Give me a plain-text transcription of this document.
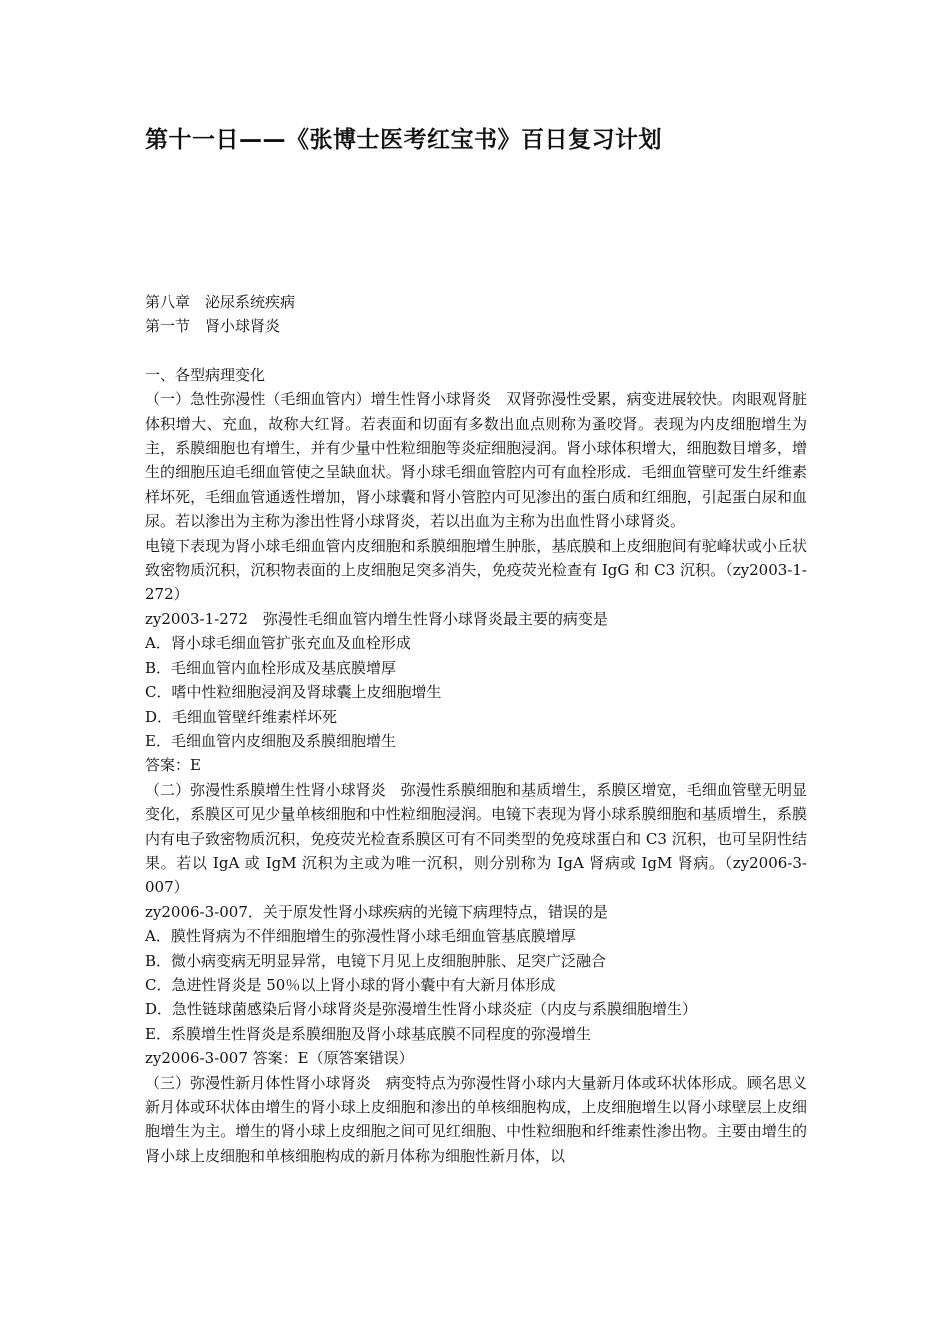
第十一日——《张博士医考红宝书》百日复习计划

第八章　泌尿系统疾病

第一节　肾小球肾炎

一、各型病理变化

（一）急性弥漫性（毛细血管内）增生性肾小球肾炎　双肾弥漫性受累，病变进展较快。肉眼观肾脏体积增大、充血，故称大红肾。若表面和切面有多数出血点则称为蚤咬肾。表现为内皮细胞增生为主，系膜细胞也有增生，并有少量中性粒细胞等炎症细胞浸润。肾小球体积增大，细胞数目增多，增生的细胞压迫毛细血管使之呈缺血状。肾小球毛细血管腔内可有血栓形成．毛细血管壁可发生纤维素样坏死，毛细血管通透性增加，肾小球囊和肾小管腔内可见渗出的蛋白质和红细胞，引起蛋白尿和血尿。若以渗出为主称为渗出性肾小球肾炎，若以出血为主称为出血性肾小球肾炎。

电镜下表现为肾小球毛细血管内皮细胞和系膜细胞增生肿胀，基底膜和上皮细胞间有驼峰状或小丘状致密物质沉积，沉积物表面的上皮细胞足突多消失，免疫荧光检查有 IgG 和 C3 沉积。（zy2003-1-272）

zy2003-1-272　弥漫性毛细血管内增生性肾小球肾炎最主要的病变是

A．肾小球毛细血管扩张充血及血栓形成

B．毛细血管内血栓形成及基底膜增厚

C．嗜中性粒细胞浸润及肾球囊上皮细胞增生

D．毛细血管壁纤维素样坏死

E．毛细血管内皮细胞及系膜细胞增生

答案：E

（二）弥漫性系膜增生性肾小球肾炎　弥漫性系膜细胞和基质增生，系膜区增宽，毛细血管壁无明显变化，系膜区可见少量单核细胞和中性粒细胞浸润。电镜下表现为肾小球系膜细胞和基质增生，系膜内有电子致密物质沉积，免疫荧光检查系膜区可有不同类型的免疫球蛋白和 C3 沉积，也可呈阴性结果。若以 IgA 或 IgM 沉积为主或为唯一沉积，则分别称为 IgA 肾病或 IgM 肾病。（zy2006-3-007）

zy2006-3-007．关于原发性肾小球疾病的光镜下病理特点，错误的是

A．膜性肾病为不伴细胞增生的弥漫性肾小球毛细血管基底膜增厚

B．微小病变病无明显异常，电镜下月见上皮细胞肿胀、足突广泛融合

C．急进性肾炎是 50％以上肾小球的肾小囊中有大新月体形成

D．急性链球菌感染后肾小球肾炎是弥漫增生性肾小球炎症（内皮与系膜细胞增生）

E．系膜增生性肾炎是系膜细胞及肾小球基底膜不同程度的弥漫增生

zy2006-3-007 答案：E（原答案错误）

（三）弥漫性新月体性肾小球肾炎　病变特点为弥漫性肾小球内大量新月体或环状体形成。顾名思义新月体或环状体由增生的肾小球上皮细胞和渗出的单核细胞构成，上皮细胞增生以肾小球壁层上皮细胞增生为主。增生的肾小球上皮细胞之间可见红细胞、中性粒细胞和纤维素性渗出物。主要由增生的肾小球上皮细胞和单核细胞构成的新月体称为细胞性新月体，以
